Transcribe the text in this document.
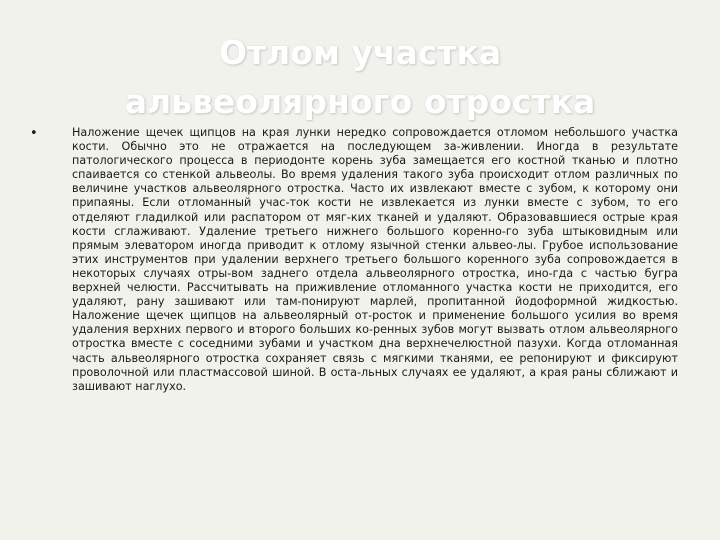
Отлом участка альвеолярного отростка
•	Наложение щечек щипцов на края лунки нередко сопровождается отломом небольшого участка кости. Обычно это не отражается на последующем за-живлении. Иногда в результате патологического процесса в периодонте корень зуба замещается его костной тканью и плотно спаивается со стенкой альвеолы. Во время удаления такого зуба происходит отлом различных по величине участков альвеолярного отростка. Часто их извлекают вместе с зубом, к которому они припаяны. Если отломанный учас-ток кости не извлекается из лунки вместе с зубом, то его отделяют гладилкой или распатором от мяг-ких тканей и удаляют. Образовавшиеся острые края кости сглаживают. Удаление третьего нижнего большого коренно-го зуба штыковидным или прямым элеватором иногда приводит к отлому язычной стенки альвео-лы. Грубое использование этих инструментов при удалении верхнего третьего большого коренного зуба сопровождается в некоторых случаях отры-вом заднего отдела альвеолярного отростка, ино-гда с частью бугра верхней челюсти. Рассчитывать на приживление отломанного участка кости не приходится, его удаляют, рану зашивают или там-понируют марлей, пропитанной йодоформной жидкостью. Наложение щечек щипцов на альвеолярный от-росток и применение большого усилия во время удаления верхних первого и второго больших ко-ренных зубов могут вызвать отлом альвеолярного отростка вместе с соседними зубами и участком дна верхнечелюстной пазухи. Когда отломанная часть альвеолярного отростка сохраняет связь с мягкими тканями, ее репонируют и фиксируют проволочной или пластмассовой шиной. В оста-льных случаях ее удаляют, а края раны сближают и зашивают наглухо.
